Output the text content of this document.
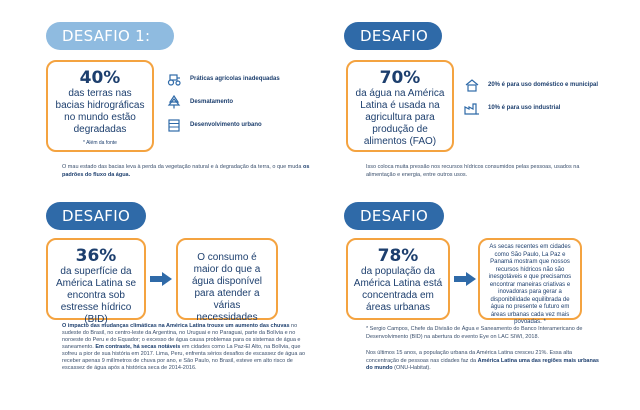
DESAFIO 1:
40%
das terras nas bacias hidrográficas no mundo estão degradadas
* Além da fonte
Práticas agrícolas inadequadas
Desmatamento
Desenvolvimento urbano
O mau estado das bacias leva à perda da vegetação natural e à degradação da terra, o que muda os padrões do fluxo da água.
DESAFIO
70%
da água na América Latina é usada na agricultura para produção de alimentos (FAO)
20% é para uso doméstico e municipal
10% é para uso industrial
Isso coloca muita pressão nos recursos hídricos consumidos pelas pessoas, usados na alimentação e energia, entre outros usos.
DESAFIO
36%
da superfície da América Latina se encontra sob estresse hídrico (BID)
O consumo é maior do que a água disponível para atender a várias necessidades
O impacto das mudanças climáticas na América Latina trouxe um aumento das chuvas no sudeste do Brasil, no centro-leste da Argentina, no Uruguai e no Paraguai, parte da Bolívia e no noroeste do Peru e do Equador; o excesso de água causa problemas para os sistemas de água e saneamento. Em contraste, há secas notáveis em cidades como La Paz-El Alto, na Bolívia, que sofreu a pior de sua história em 2017. Lima, Peru, enfrenta sérios desafios de escassez de água ao receber apenas 9 milímetros de chuva por ano, e São Paulo, no Brasil, esteve em alto risco de escassez de água após a histórica seca de 2014-2016.
DESAFIO
78%
da população da América Latina está concentrada em áreas urbanas
As secas recentes em cidades como São Paulo, La Paz e Panamá mostram que nossos recursos hídricos não são inesgotáveis e que precisamos encontrar maneiras criativas e inovadoras para gerar a disponibilidade equilibrada de água no presente e futuro em áreas urbanas cada vez mais povoadas. *
* Sergio Campos, Chefe da Divisão de Água e Saneamento do Banco Interamericano de Desenvolvimento (BID) na abertura do evento Eye on LAC SIWI, 2018.
Nos últimos 15 anos, a população urbana da América Latina cresceu 21%. Essa alta concentração de pessoas nas cidades faz da América Latina uma das regiões mais urbanas do mundo (ONU-Habitat).
